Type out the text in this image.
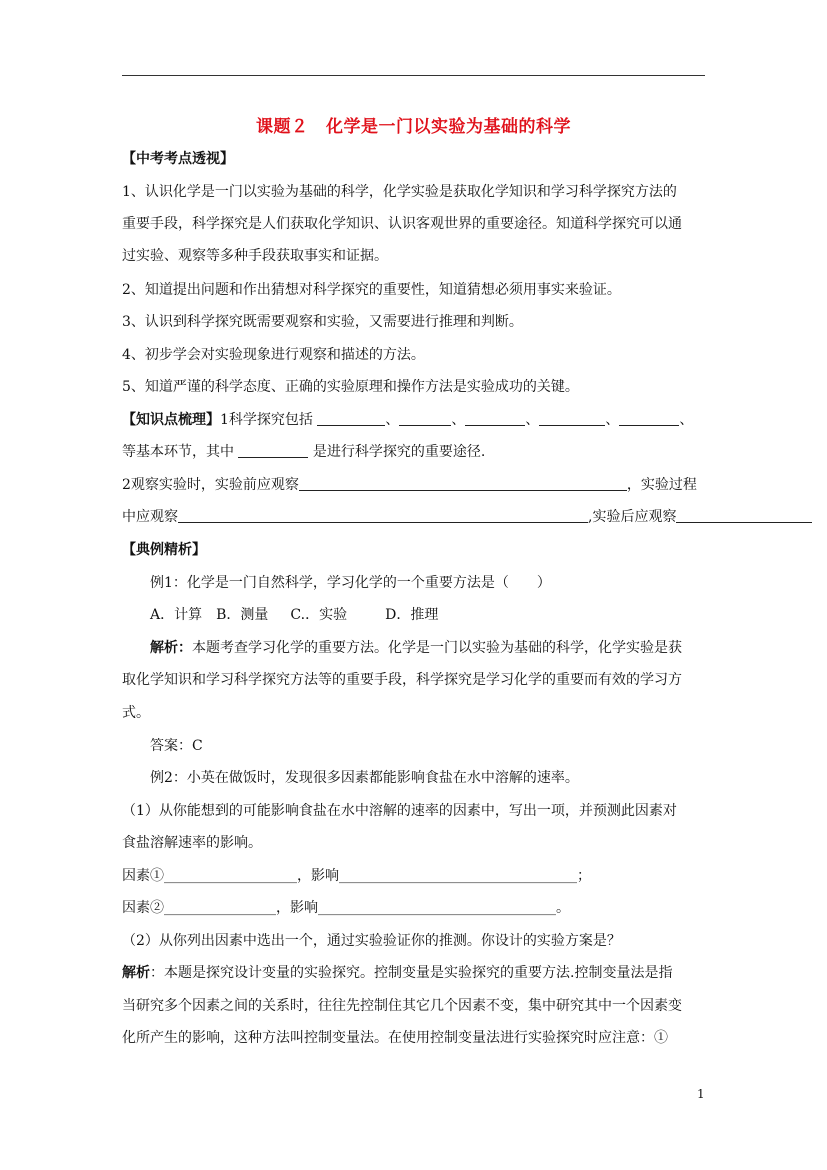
课题２　化学是一门以实验为基础的科学
【中考考点透视】
1、认识化学是一门以实验为基础的科学，化学实验是获取化学知识和学习科学探究方法的
重要手段，科学探究是人们获取化学知识、认识客观世界的重要途径。知道科学探究可以通
过实验、观察等多种手段获取事实和证据。
2、知道提出问题和作出猜想对科学探究的重要性，知道猜想必须用事实来验证。
3、认识到科学探究既需要观察和实验，又需要进行推理和判断。
4、初步学会对实验现象进行观察和描述的方法。
5、知道严谨的科学态度、正确的实验原理和操作方法是实验成功的关键。
【知识点梳理】1科学探究包括	、	、	、	、	、
等基本环节，其中	是进行科学探究的重要途径.
2观察实验时，实验前应观察	，实验过程
中应观察	,实验后应观察
【典例精析】
例1：化学是一门自然科学，学习化学的一个重要方法是（　　）
A．计算 B．测量 C.．实验	D．推理
解析：本题考查学习化学的重要方法。化学是一门以实验为基础的科学，化学实验是获
取化学知识和学习科学探究方法等的重要手段，科学探究是学习化学的重要而有效的学习方
式。
答案：C
例2：小英在做饭时，发现很多因素都能影响食盐在水中溶解的速率。
（1）从你能想到的可能影响食盐在水中溶解的速率的因素中，写出一项，并预测此因素对
食盐溶解速率的影响。
因素①___________________，影响__________________________________；
因素②________________，影响__________________________________。
（2）从你列出因素中选出一个，通过实验验证你的推测。你设计的实验方案是？
解析：本题是探究设计变量的实验探究。控制变量是实验探究的重要方法.控制变量法是指
当研究多个因素之间的关系时，往往先控制住其它几个因素不变，集中研究其中一个因素变
化所产生的影响，这种方法叫控制变量法。在使用控制变量法进行实验探究时应注意：①
1
